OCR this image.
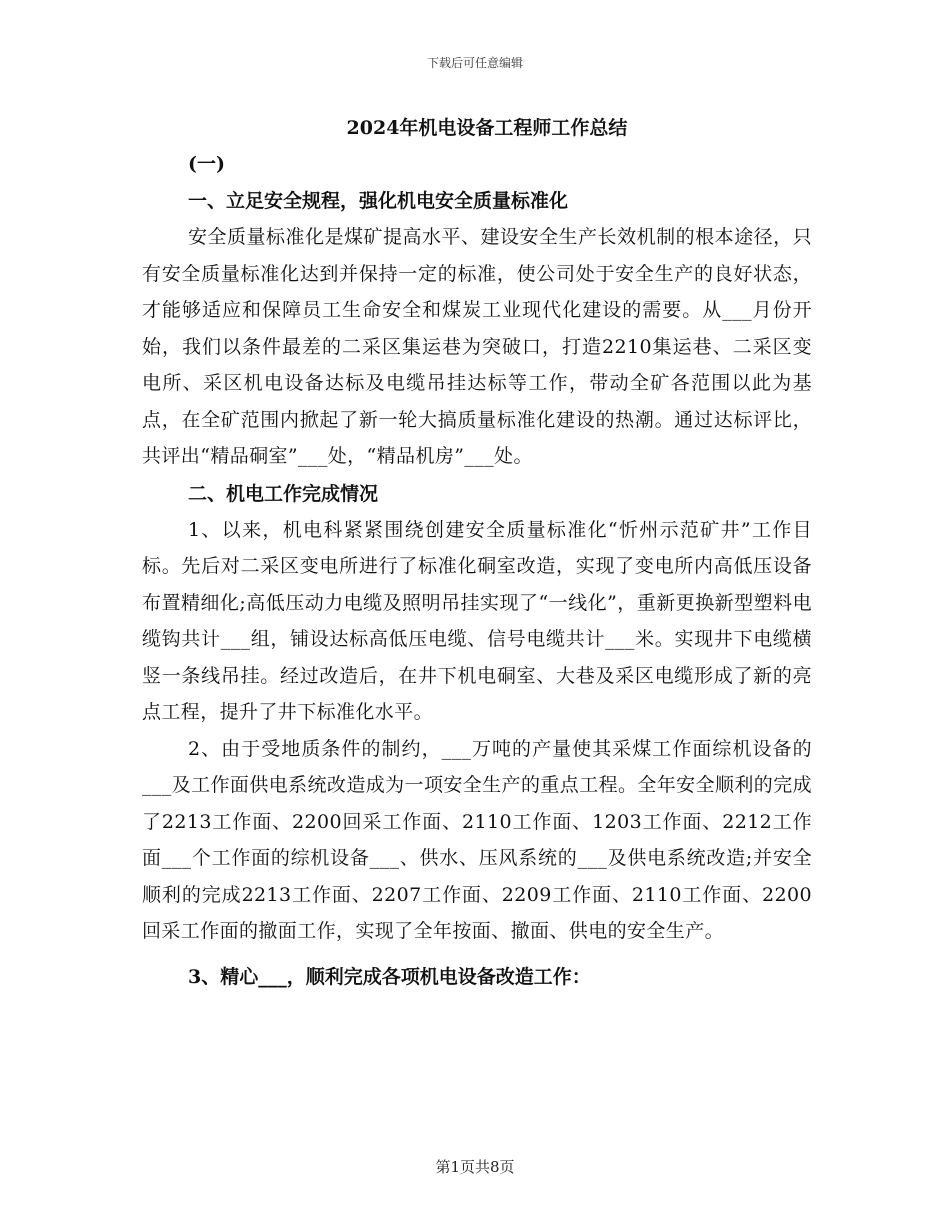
下载后可任意编辑
2024年机电设备工程师工作总结
(一)
一、立足安全规程，强化机电安全质量标准化

安全质量标准化是煤矿提高水平、建设安全生产长效机制的根本途径，只有安全质量标准化达到并保持一定的标准，使公司处于安全生产的良好状态，才能够适应和保障员工生命安全和煤炭工业现代化建设的需要。从___月份开始，我们以条件最差的二采区集运巷为突破口，打造2210集运巷、二采区变电所、采区机电设备达标及电缆吊挂达标等工作，带动全矿各范围以此为基点，在全矿范围内掀起了新一轮大搞质量标准化建设的热潮。通过达标评比，共评出“精品硐室”___处，“精品机房”___处。

二、机电工作完成情况

1、以来，机电科紧紧围绕创建安全质量标准化“忻州示范矿井”工作目标。先后对二采区变电所进行了标准化硐室改造，实现了变电所内高低压设备布置精细化;高低压动力电缆及照明吊挂实现了“一线化”，重新更换新型塑料电缆钩共计___组，铺设达标高低压电缆、信号电缆共计___米。实现井下电缆横竖一条线吊挂。经过改造后，在井下机电硐室、大巷及采区电缆形成了新的亮点工程，提升了井下标准化水平。

2、由于受地质条件的制约，___万吨的产量使其采煤工作面综机设备的___及工作面供电系统改造成为一项安全生产的重点工程。全年安全顺利的完成了2213工作面、2200回采工作面、2110工作面、1203工作面、2212工作面___个工作面的综机设备___、供水、压风系统的___及供电系统改造;并安全顺利的完成2213工作面、2207工作面、2209工作面、2110工作面、2200回采工作面的撤面工作，实现了全年按面、撤面、供电的安全生产。

3、精心___，顺利完成各项机电设备改造工作：
第1页共8页
